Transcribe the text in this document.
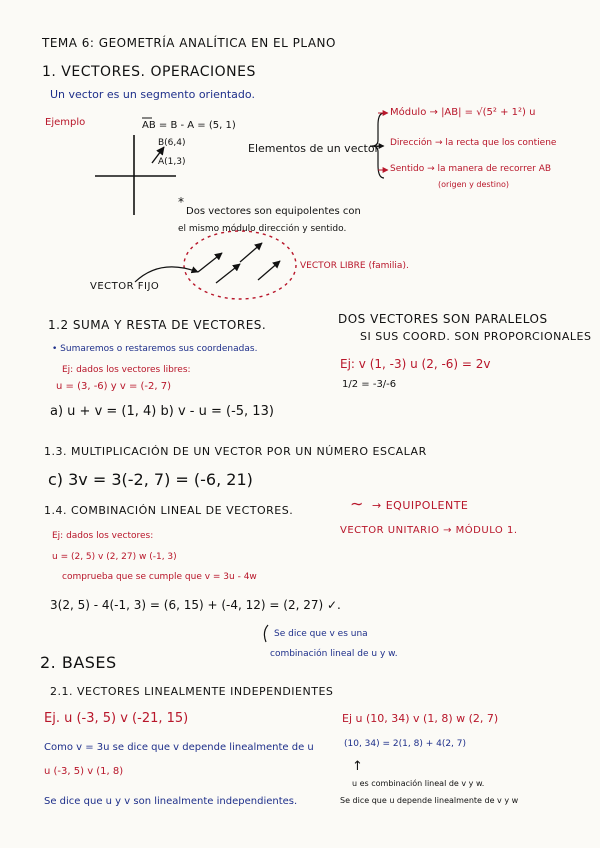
TEMA 6: GEOMETRÍA ANALÍTICA EN EL PLANO
1. VECTORES. OPERACIONES
Un vector es un segmento orientado.
Ejemplo	AB = B - A = (5, 1)
B(6,4)
A(1,3)
Elementos de un vector
Módulo → |AB| = √(5² + 1²) u
Dirección → la recta que los contiene
Sentido → la manera de recorrer AB
(origen y destino)
*
Dos vectores son equipolentes con
el mismo módulo dirección y sentido.
VECTOR LIBRE (familia).
VECTOR FIJO
1.2 SUMA Y RESTA DE VECTORES.
• Sumaremos o restaremos sus coordenadas.
Ej: dados los vectores libres:
u = (3, -6) y v = (-2, 7)
a) u + v = (1, 4) b) v - u = (-5, 13)
DOS VECTORES SON PARALELOS
SI SUS COORD. SON PROPORCIONALES
Ej: v (1, -3) u (2, -6) = 2v
1/2 = -3/-6
1.3. MULTIPLICACIÓN DE UN VECTOR POR UN NÚMERO ESCALAR
c) 3v = 3(-2, 7) = (-6, 21)
1.4. COMBINACIÓN LINEAL DE VECTORES.
Ej: dados los vectores:
u = (2, 5) v (2, 27) w (-1, 3)
comprueba que se cumple que v = 3u - 4w
3(2, 5) - 4(-1, 3) = (6, 15) + (-4, 12) = (2, 27) ✓.
Se dice que v es una
combinación lineal de u y w.
∼ → EQUIPOLENTE
VECTOR UNITARIO → MÓDULO 1.
2. BASES
2.1. VECTORES LINEALMENTE INDEPENDIENTES
Ej. u (-3, 5) v (-21, 15)
Como v = 3u se dice que v depende linealmente de u
u (-3, 5) v (1, 8)
Se dice que u y v son linealmente independientes.
Ej u (10, 34) v (1, 8) w (2, 7)
(10, 34) = 2(1, 8) + 4(2, 7)
↑
u es combinación lineal de v y w.
Se dice que u depende linealmente de v y w
